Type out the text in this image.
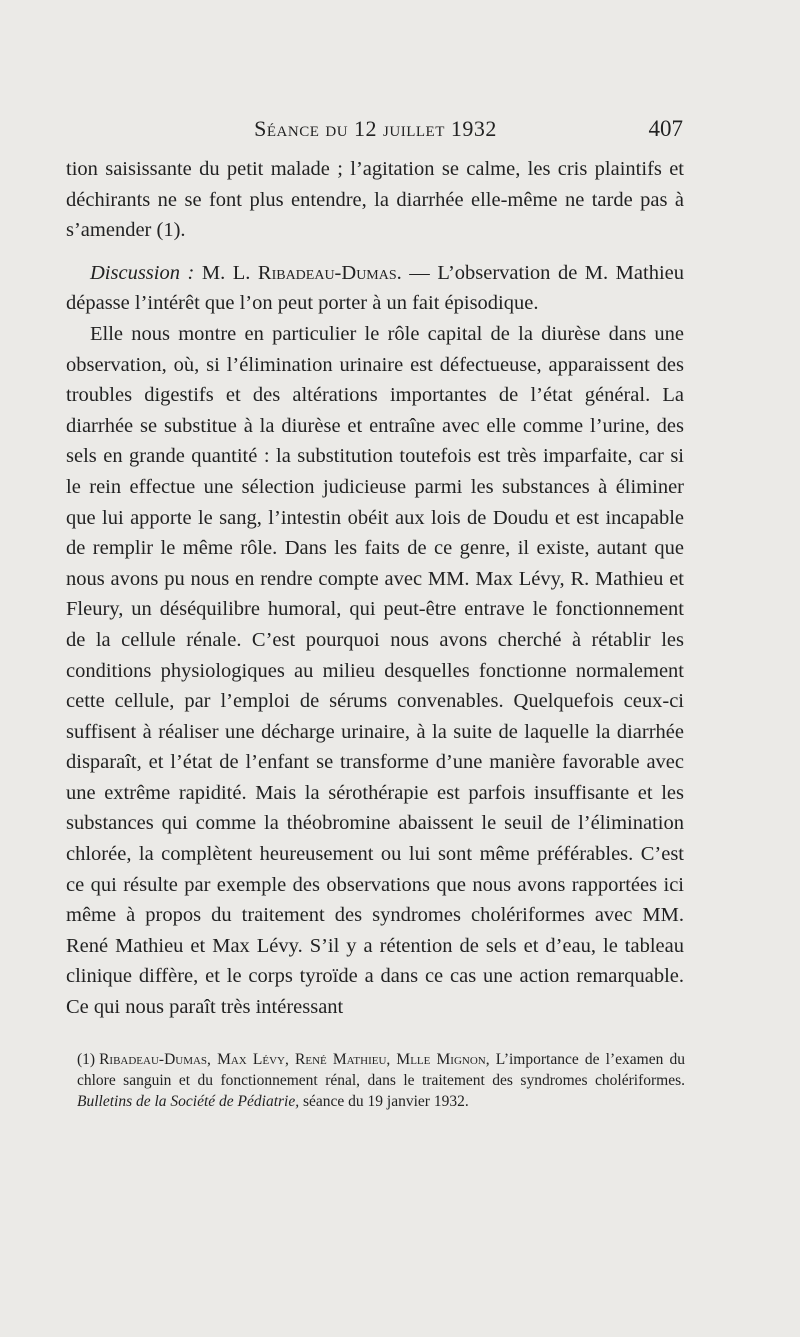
Séance du 12 juillet 1932	407

tion saisissante du petit malade ; l’agitation se calme, les cris plaintifs et déchirants ne se font plus entendre, la diarrhée elle-même ne tarde pas à s’amender (1).

Discussion : M. L. Ribadeau-Dumas. — L’observation de M. Mathieu dépasse l’intérêt que l’on peut porter à un fait épisodique.

Elle nous montre en particulier le rôle capital de la diurèse dans une observation, où, si l’élimination urinaire est défectueuse, apparaissent des troubles digestifs et des altérations importantes de l’état général. La diarrhée se substitue à la diurèse et entraîne avec elle comme l’urine, des sels en grande quantité : la substitution toutefois est très imparfaite, car si le rein effectue une sélection judicieuse parmi les substances à éliminer que lui apporte le sang, l’intestin obéit aux lois de Doudu et est incapable de remplir le même rôle. Dans les faits de ce genre, il existe, autant que nous avons pu nous en rendre compte avec MM. Max Lévy, R. Mathieu et Fleury, un déséquilibre humoral, qui peut-être entrave le fonctionnement de la cellule rénale. C’est pourquoi nous avons cherché à rétablir les conditions physiologiques au milieu desquelles fonctionne normalement cette cellule, par l’emploi de sérums convenables. Quelquefois ceux-ci suffisent à réaliser une décharge urinaire, à la suite de laquelle la diarrhée disparaît, et l’état de l’enfant se transforme d’une manière favorable avec une extrême rapidité. Mais la sérothérapie est parfois insuffisante et les substances qui comme la théobromine abaissent le seuil de l’élimination chlorée, la complètent heureusement ou lui sont même préférables. C’est ce qui résulte par exemple des observations que nous avons rapportées ici même à propos du traitement des syndromes cholériformes avec MM. René Mathieu et Max Lévy. S’il y a rétention de sels et d’eau, le tableau clinique diffère, et le corps tyroïde a dans ce cas une action remarquable. Ce qui nous paraît très intéressant

(1) Ribadeau-Dumas, Max Lévy, René Mathieu, Mlle Mignon, L’importance de l’examen du chlore sanguin et du fonctionnement rénal, dans le traitement des syndromes cholériformes. Bulletins de la Société de Pédiatrie, séance du 19 janvier 1932.
